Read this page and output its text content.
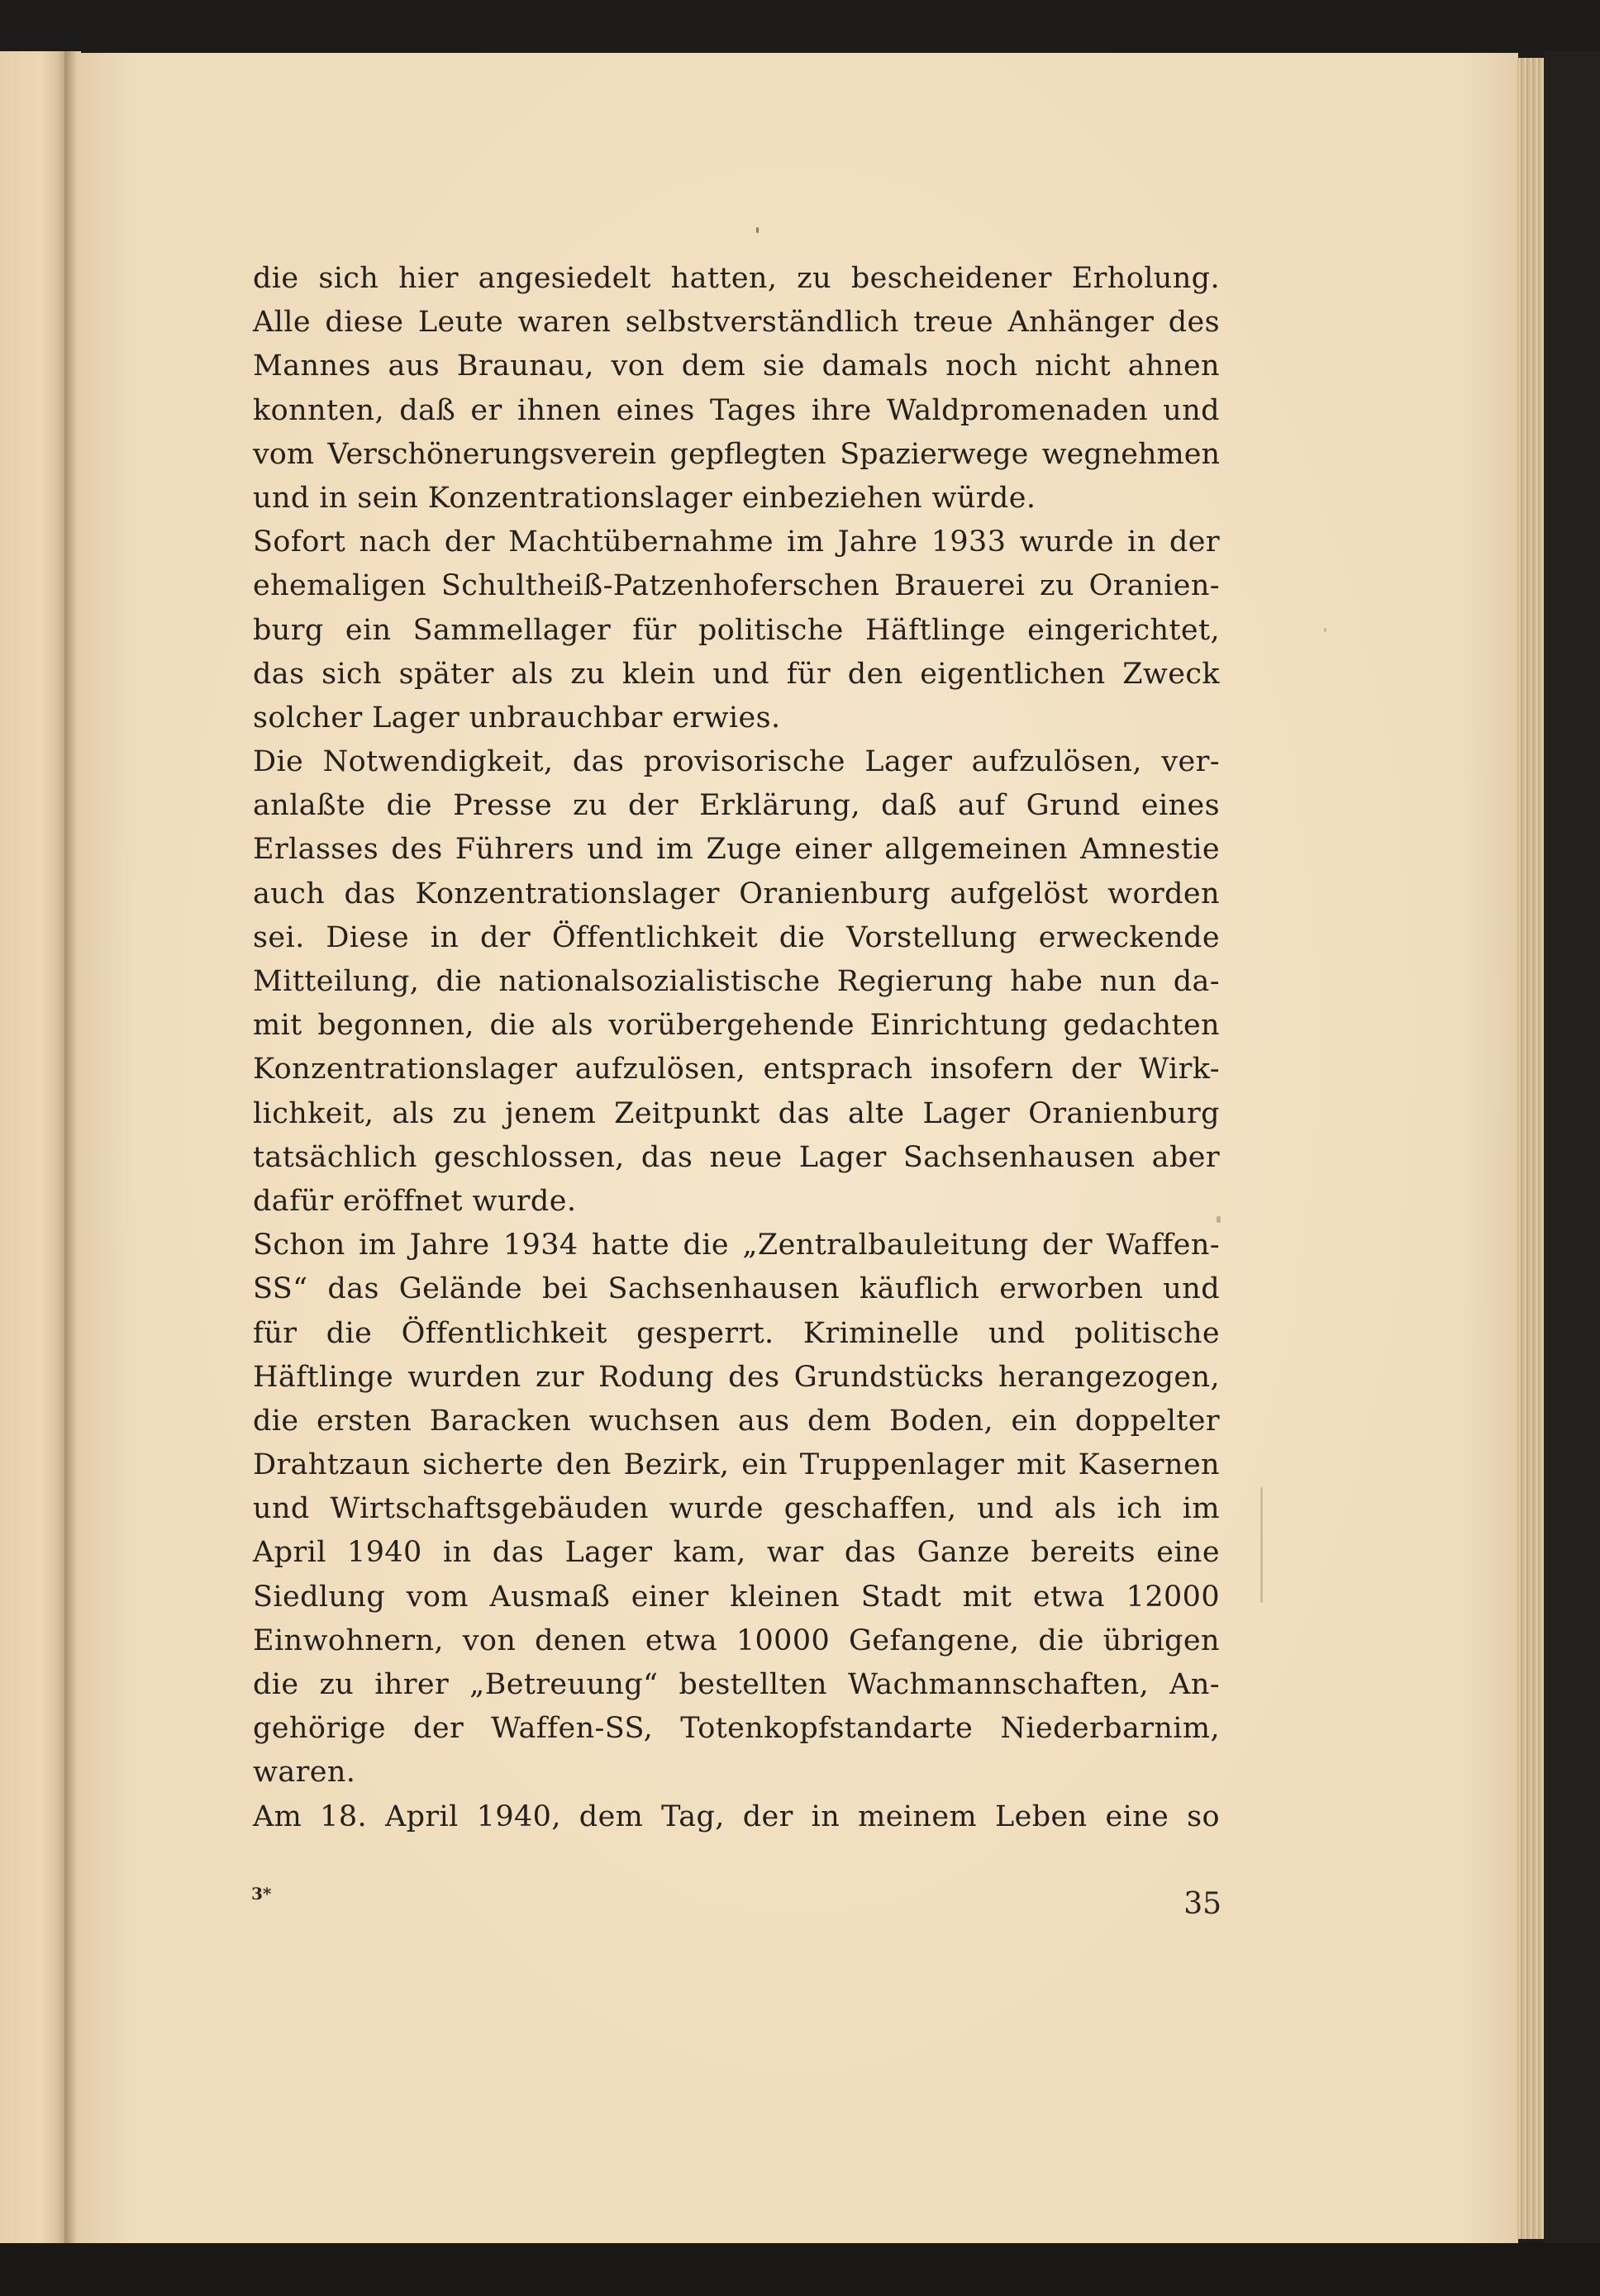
die sich hier angesiedelt hatten, zu bescheidener Erholung.
Alle diese Leute waren selbstverständlich treue Anhänger des
Mannes aus Braunau, von dem sie damals noch nicht ahnen
konnten, daß er ihnen eines Tages ihre Waldpromenaden und
vom Verschönerungsverein gepflegten Spazierwege wegnehmen
und in sein Konzentrationslager einbeziehen würde.
Sofort nach der Machtübernahme im Jahre 1933 wurde in der
ehemaligen Schultheiß-Patzenhoferschen Brauerei zu Oranien-
burg ein Sammellager für politische Häftlinge eingerichtet,
das sich später als zu klein und für den eigentlichen Zweck
solcher Lager unbrauchbar erwies.
Die Notwendigkeit, das provisorische Lager aufzulösen, ver-
anlaßte die Presse zu der Erklärung, daß auf Grund eines
Erlasses des Führers und im Zuge einer allgemeinen Amnestie
auch das Konzentrationslager Oranienburg aufgelöst worden
sei. Diese in der Öffentlichkeit die Vorstellung erweckende
Mitteilung, die nationalsozialistische Regierung habe nun da-
mit begonnen, die als vorübergehende Einrichtung gedachten
Konzentrationslager aufzulösen, entsprach insofern der Wirk-
lichkeit, als zu jenem Zeitpunkt das alte Lager Oranienburg
tatsächlich geschlossen, das neue Lager Sachsenhausen aber
dafür eröffnet wurde.
Schon im Jahre 1934 hatte die „Zentralbauleitung der Waffen-
SS“ das Gelände bei Sachsenhausen käuflich erworben und
für die Öffentlichkeit gesperrt. Kriminelle und politische
Häftlinge wurden zur Rodung des Grundstücks herangezogen,
die ersten Baracken wuchsen aus dem Boden, ein doppelter
Drahtzaun sicherte den Bezirk, ein Truppenlager mit Kasernen
und Wirtschaftsgebäuden wurde geschaffen, und als ich im
April 1940 in das Lager kam, war das Ganze bereits eine
Siedlung vom Ausmaß einer kleinen Stadt mit etwa 12000
Einwohnern, von denen etwa 10000 Gefangene, die übrigen
die zu ihrer „Betreuung“ bestellten Wachmannschaften, An-
gehörige der Waffen-SS, Totenkopfstandarte Niederbarnim,
waren.
Am 18. April 1940, dem Tag, der in meinem Leben eine so
3*	35
